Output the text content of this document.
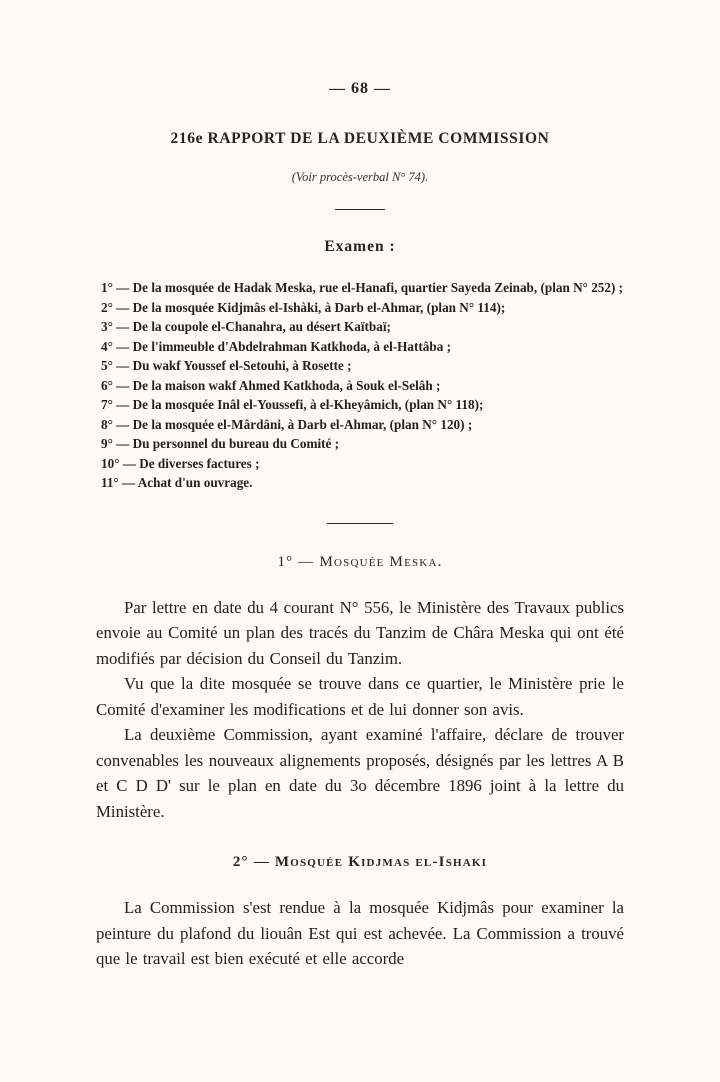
— 68 —
216e RAPPORT DE LA DEUXIÈME COMMISSION
(Voir procès-verbal N° 74).
Examen :
1° — De la mosquée de Hadak Meska, rue el-Hanafi, quartier Sayeda Zeinab, (plan N° 252) ;
2° — De la mosquée Kidjmâs el-Ishàki, à Darb el-Ahmar, (plan N° 114);
3° — De la coupole el-Chanahra, au désert Kaïtbaï;
4° — De l'immeuble d'Abdelrahman Katkhoda, à el-Hattâba ;
5° — Du wakf Youssef el-Setouhi, à Rosette ;
6° — De la maison wakf Ahmed Katkhoda, à Souk el-Selâh ;
7° — De la mosquée Inâl el-Youssefi, à el-Kheyâmich, (plan N° 118);
8° — De la mosquée el-Mârdâni, à Darb el-Ahmar, (plan N° 120) ;
9° — Du personnel du bureau du Comité ;
10° — De diverses factures ;
11° — Achat d'un ouvrage.
1° — Mosquée Meska.

Par lettre en date du 4 courant N° 556, le Ministère des Travaux publics envoie au Comité un plan des tracés du Tanzim de Châra Meska qui ont été modifiés par décision du Conseil du Tanzim.

Vu que la dite mosquée se trouve dans ce quartier, le Ministère prie le Comité d'examiner les modifications et de lui donner son avis.

La deuxième Commission, ayant examiné l'affaire, déclare de trouver convenables les nouveaux alignements proposés, désignés par les lettres A B et C D D' sur le plan en date du 3o décembre 1896 joint à la lettre du Ministère.

2° — Mosquée Kidjmas el-Ishaki

La Commission s'est rendue à la mosquée Kidjmâs pour examiner la peinture du plafond du liouân Est qui est achevée. La Commission a trouvé que le travail est bien exécuté et elle accorde
